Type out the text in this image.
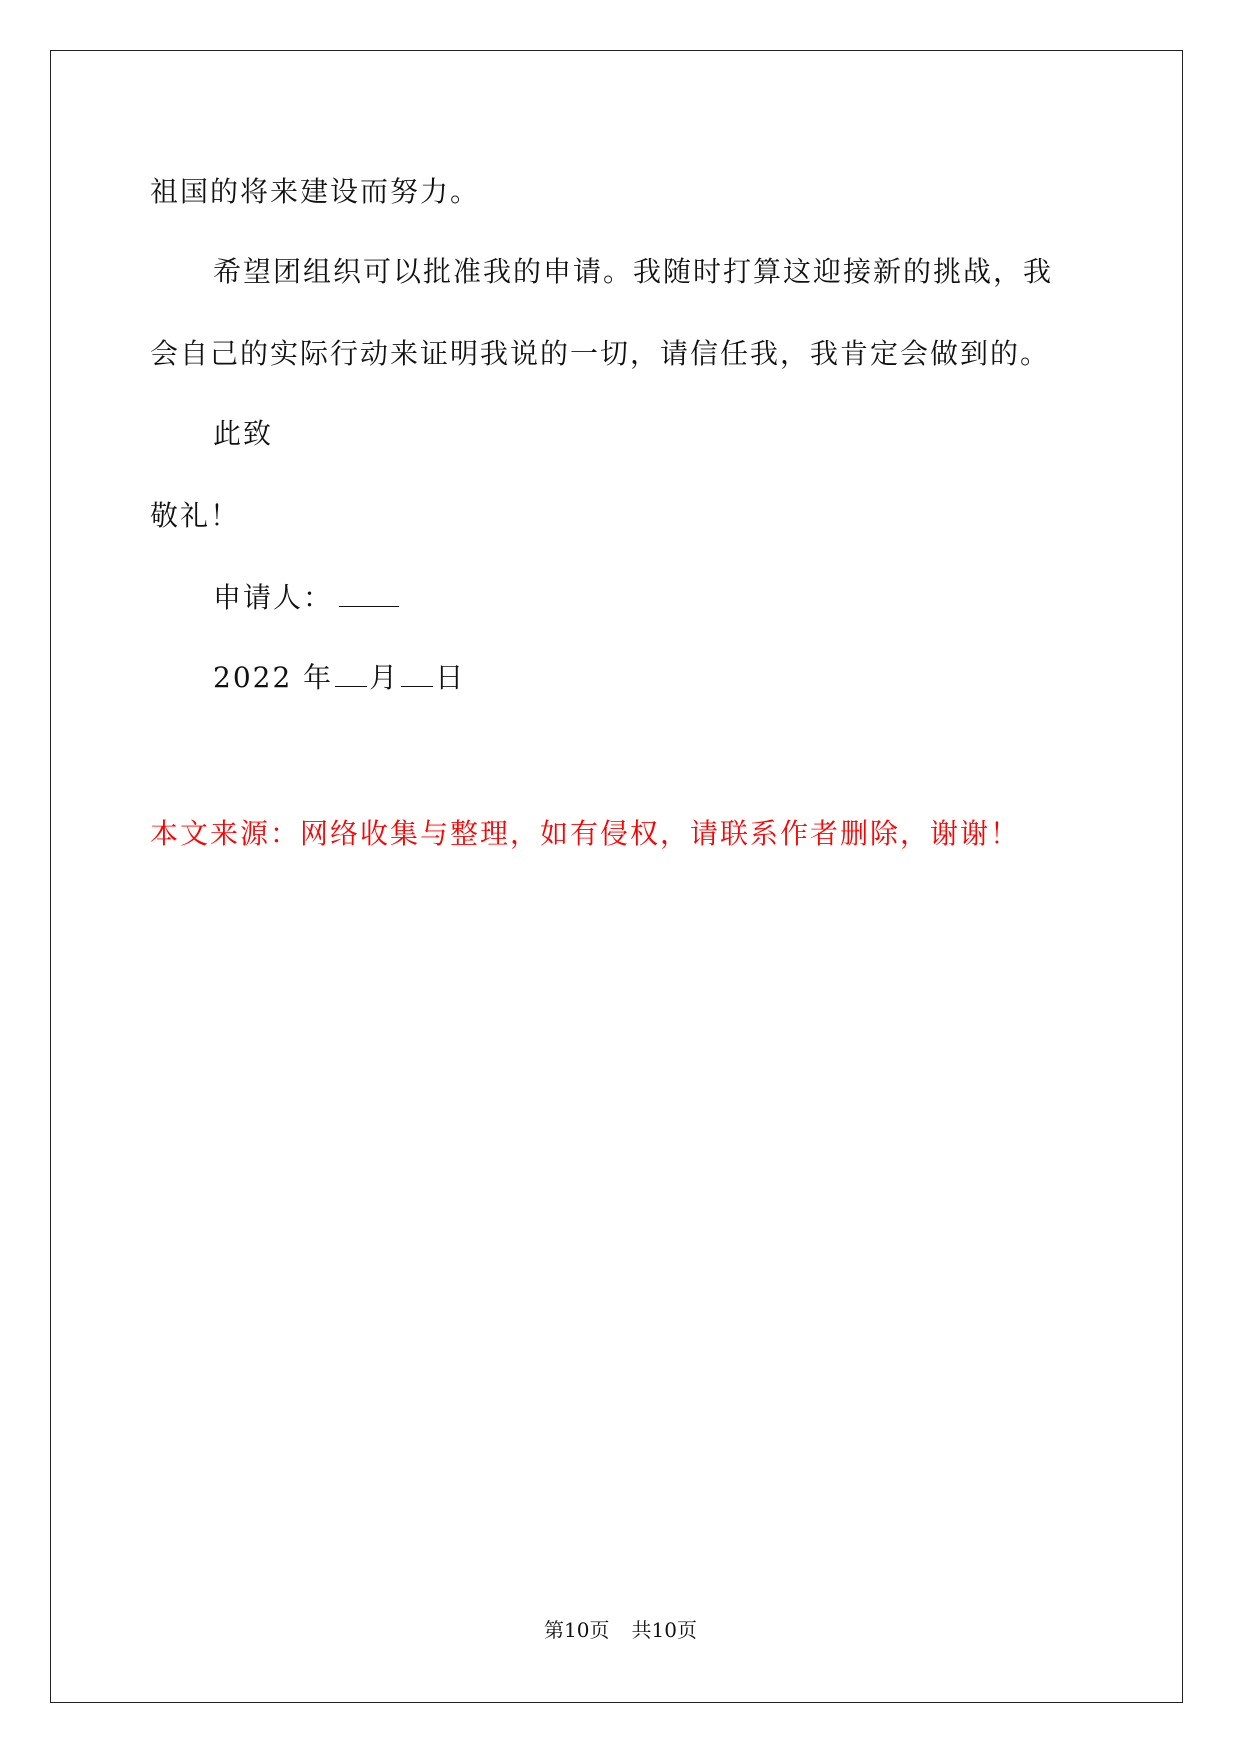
祖国的将来建设而努力。
希望团组织可以批准我的申请。我随时打算这迎接新的挑战，我
会自己的实际行动来证明我说的一切，请信任我，我肯定会做到的。
此致
敬礼！
申请人：
2022 年 月 日
本文来源：网络收集与整理，如有侵权，请联系作者删除，谢谢！
第10页 共10页
